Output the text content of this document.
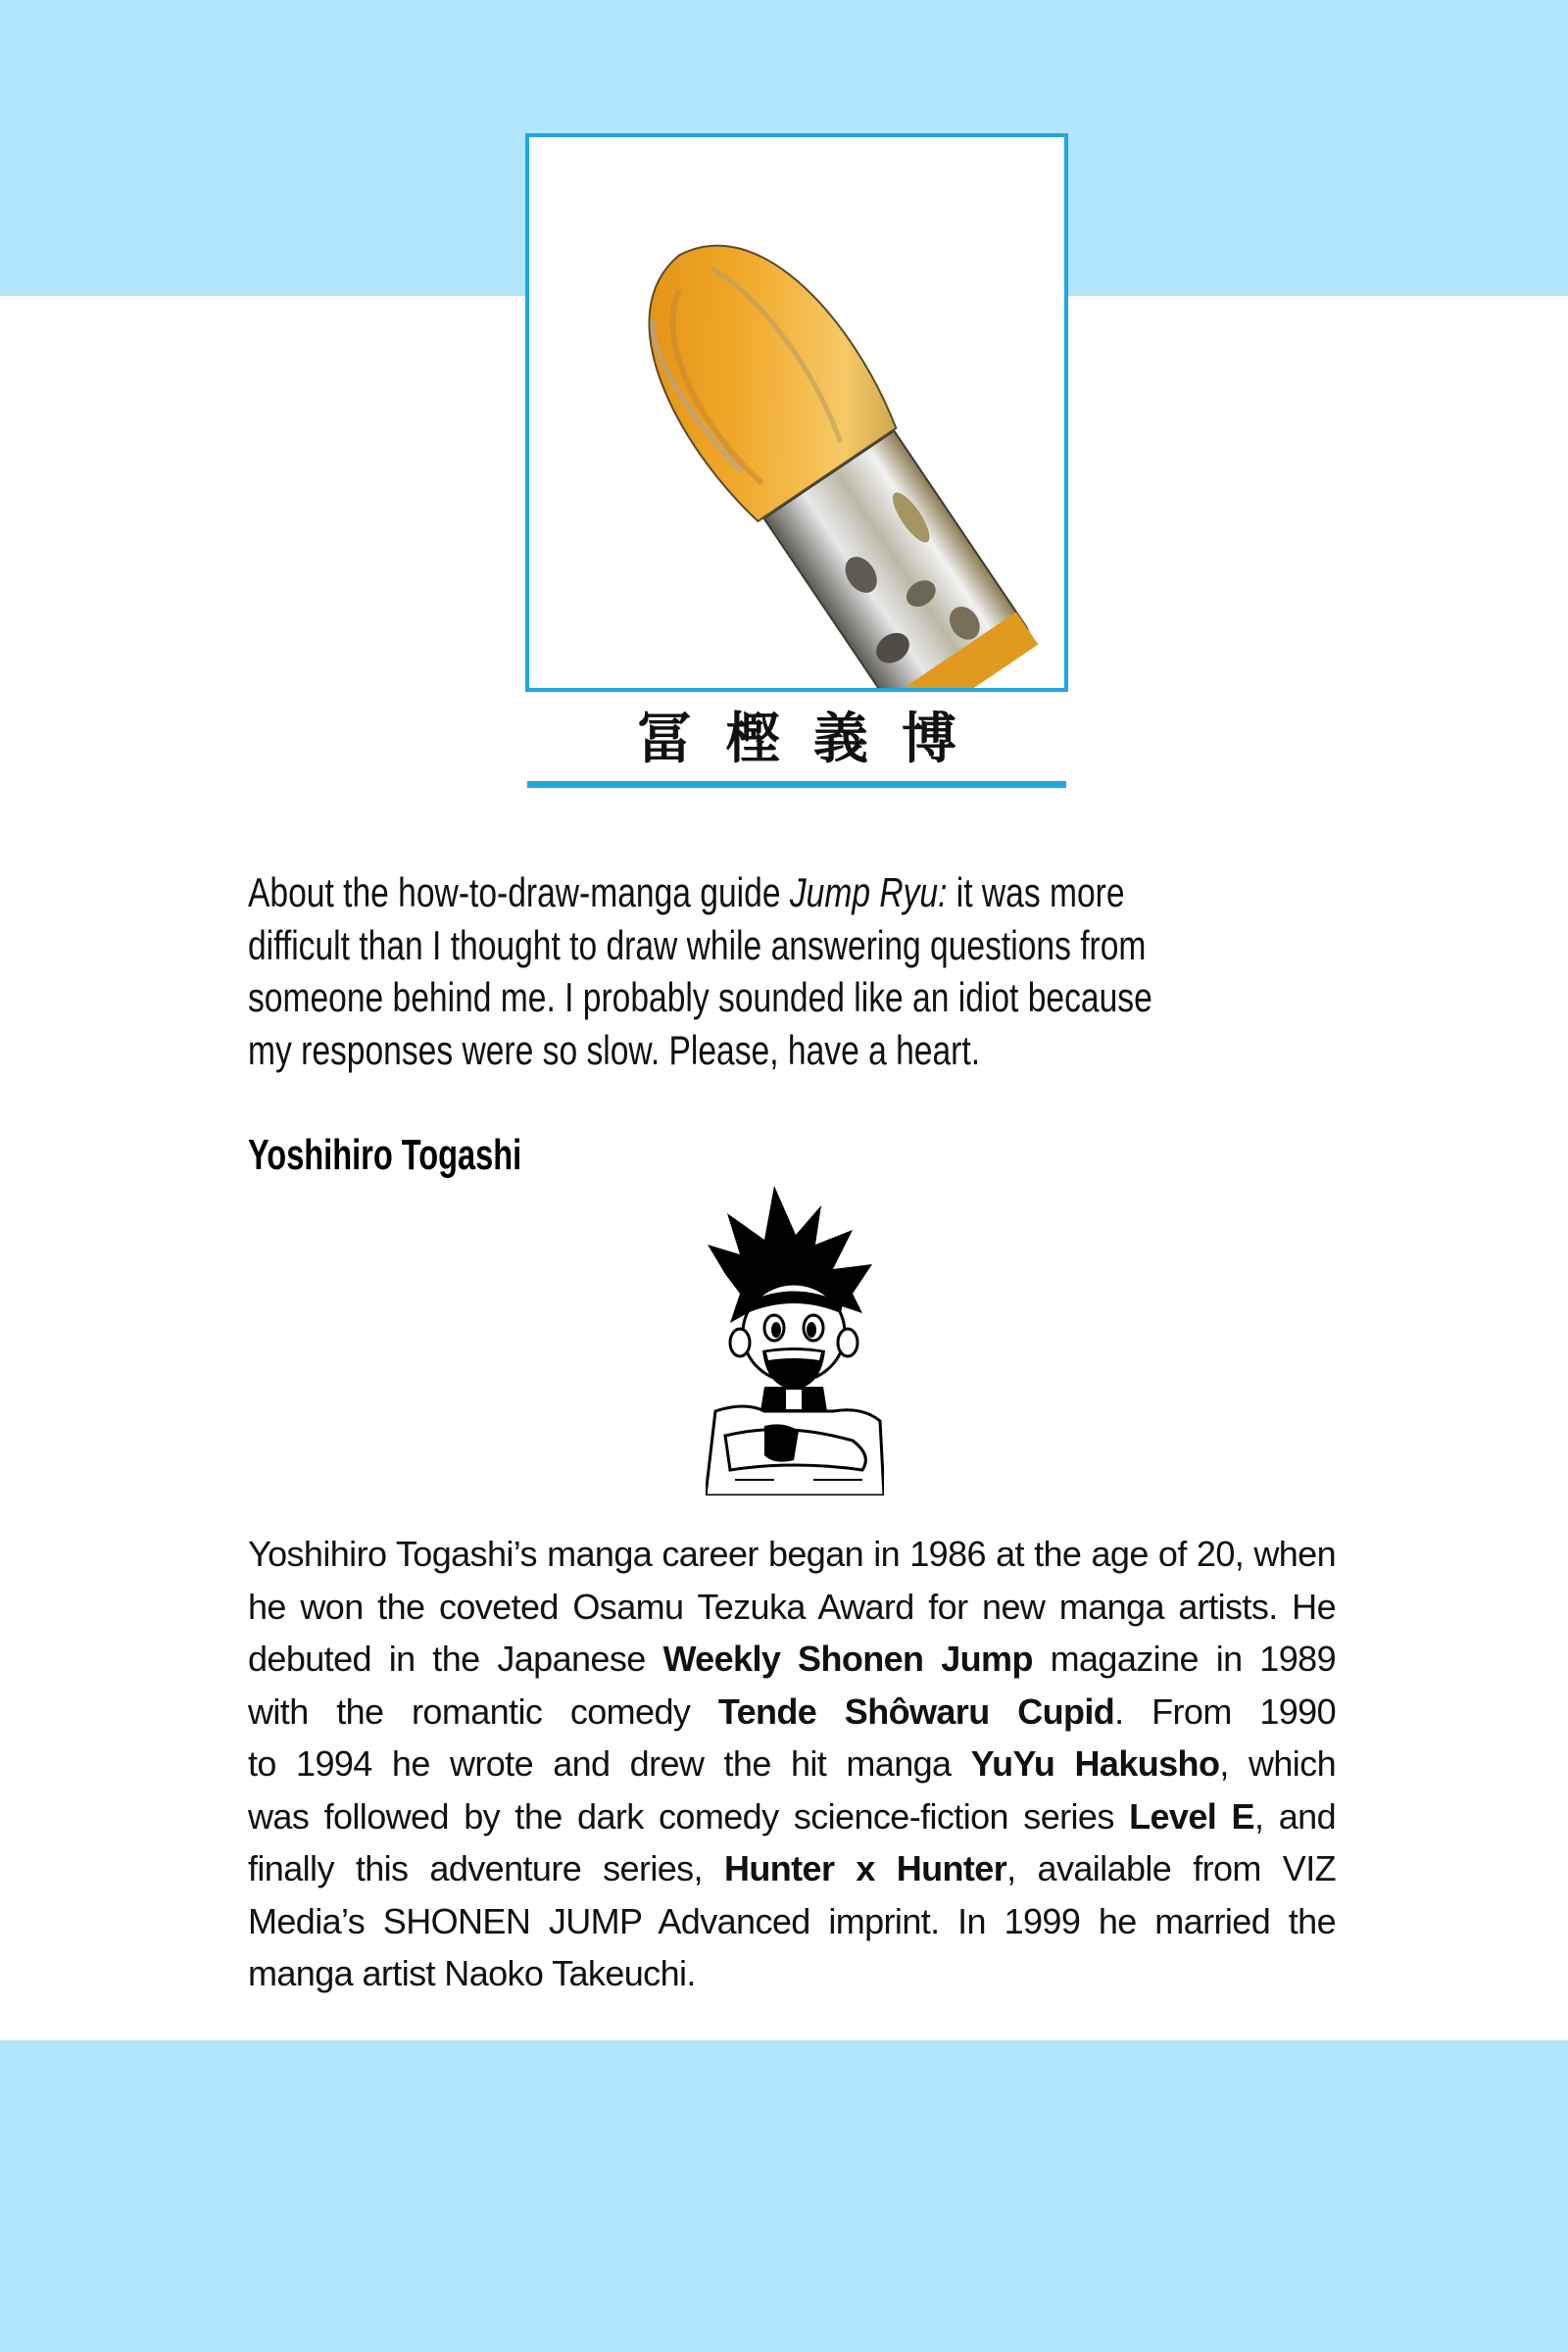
冨樫義博
About the how-to-draw-manga guide Jump Ryu: it was more
difficult than I thought to draw while answering questions from
someone behind me. I probably sounded like an idiot because
my responses were so slow. Please, have a heart.
Yoshihiro Togashi
Yoshihiro Togashi’s manga career began in 1986 at the age of 20, when
he won the coveted Osamu Tezuka Award for new manga artists. He
debuted in the Japanese Weekly Shonen Jump magazine in 1989
with the romantic comedy Tende Shôwaru Cupid. From 1990
to 1994 he wrote and drew the hit manga YuYu Hakusho, which
was followed by the dark comedy science-fiction series Level E, and
finally this adventure series, Hunter x Hunter, available from VIZ
Media’s SHONEN JUMP Advanced imprint. In 1999 he married the
manga artist Naoko Takeuchi.
